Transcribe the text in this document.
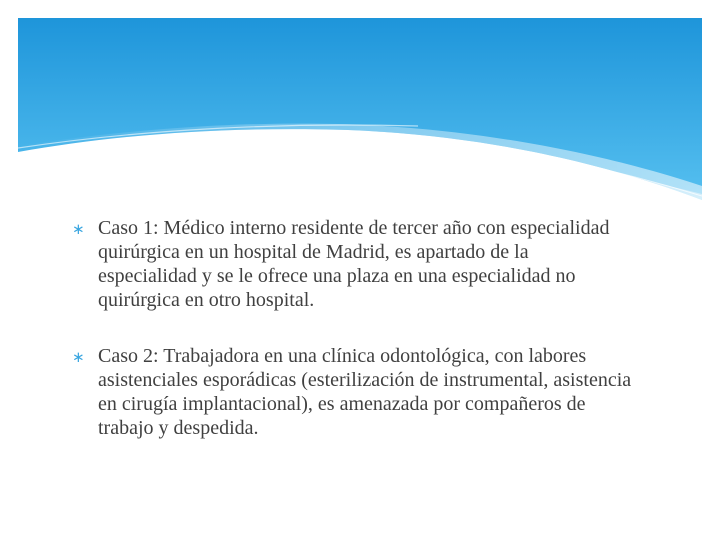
∗ Caso 1: Médico interno residente de tercer año con especialidad quirúrgica en un hospital de Madrid, es apartado de la especialidad y se le ofrece una plaza en una especialidad no quirúrgica en otro hospital.
∗ Caso 2: Trabajadora en una clínica odontológica, con labores asistenciales esporádicas (esterilización de instrumental, asistencia en cirugía implantacional), es amenazada por compañeros de trabajo y despedida.
